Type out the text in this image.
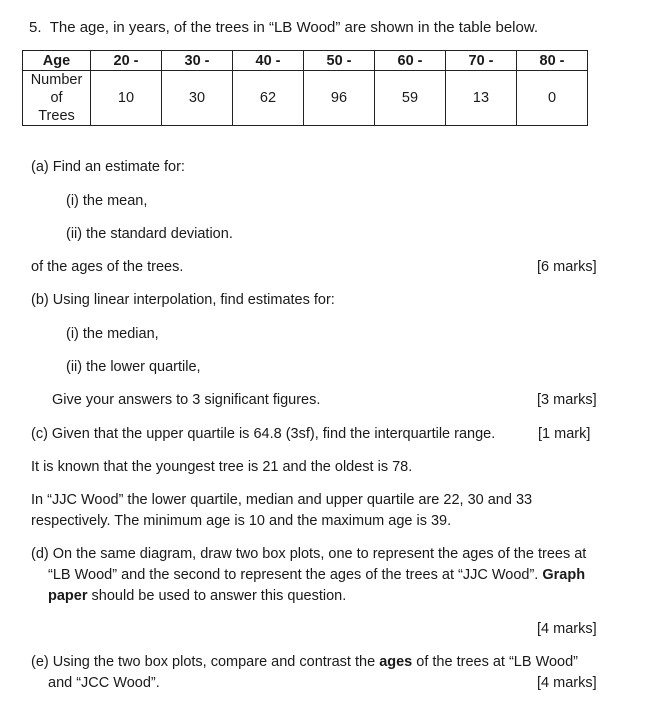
5. The age, in years, of the trees in “LB Wood” are shown in the table below.
Age	20 -	30 -	40 -	50 -	60 -	70 -	80 -

Number
of
Trees	10	30	62	96	59	13	0
(a) Find an estimate for:
(i) the mean,
(ii) the standard deviation.
of the ages of the trees.	[6 marks]
(b) Using linear interpolation, find estimates for:
(i) the median,
(ii) the lower quartile,
Give your answers to 3 significant figures.	[3 marks]
(c) Given that the upper quartile is 64.8 (3sf), find the interquartile range.	[1 mark]
It is known that the youngest tree is 21 and the oldest is 78.
In “JJC Wood” the lower quartile, median and upper quartile are 22, 30 and 33
respectively. The minimum age is 10 and the maximum age is 39.
(d) On the same diagram, draw two box plots, one to represent the ages of the trees at
“LB Wood” and the second to represent the ages of the trees at “JJC Wood”. Graph
paper should be used to answer this question.
[4 marks]
(e) Using the two box plots, compare and contrast the ages of the trees at “LB Wood”
and “JCC Wood”.	[4 marks]
